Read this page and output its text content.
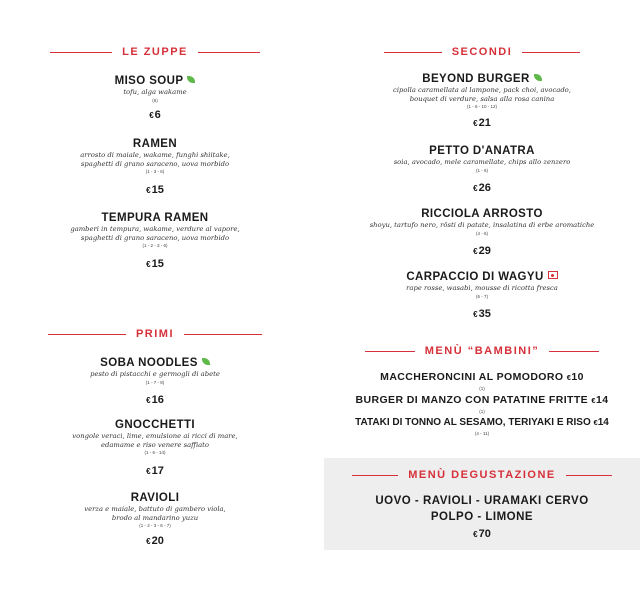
LE ZUPPE
MISO SOUP
tofu, alga wakame
(6)
€6
RAMEN
arrosto di maiale, wakame, funghi shiitake,
spaghetti di grano saraceno, uova morbido
(1 - 3 - 6)
€15
TEMPURA RAMEN
gamberi in tempura, wakame, verdure al vapore,
spaghetti di grano saraceno, uova morbido
(1 - 2 - 3 - 6)
€15
PRIMI
SOBA NOODLES
pesto di pistacchi e germogli di abete
(1 - 7 - 8)
€16
GNOCCHETTI
vongole veraci, lime, emulsione ai ricci di mare,
edamame e riso venere saffiato
(1 - 6 - 14)
€17
RAVIOLI
verza e maiale, battuto di gambero viola,
brodo al mandarino yuzu
(1 - 2 - 3 - 6 - 7)
€20
SECONDI
BEYOND BURGER
cipolla caramellata al lampone, pack choi, avocado,
bouquet di verdure, salsa alla rosa canina
(1 - 6 - 10 - 12)
€21
PETTO D'ANATRA
soia, avocado, mele caramellate, chips allo zenzero
(1 - 6)
€26
RICCIOLA ARROSTO
shoyu, tartufo nero, rösti di patate, insalatina di erbe aromatiche
(4 - 6)
€29
CARPACCIO DI WAGYU
rape rosse, wasabi, mousse di ricotta fresca
(6 - 7)
€35
MENÙ “BAMBINI”
MACCHERONCINI AL POMODORO €10
(1)
BURGER DI MANZO CON PATATINE FRITTE €14
(1)
TATAKI DI TONNO AL SESAMO, TERIYAKI E RISO €14
(4 - 11)
MENÙ DEGUSTAZIONE
UOVO - RAVIOLI - URAMAKI CERVO
POLPO - LIMONE
€70
